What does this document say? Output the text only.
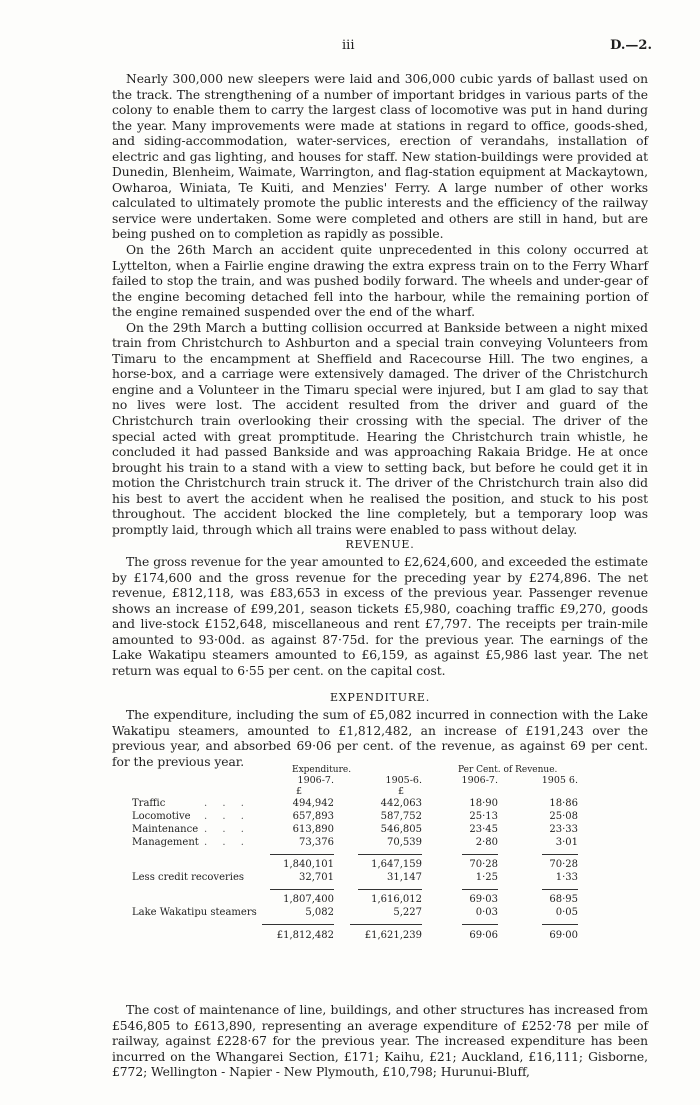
iii	D.—2.

Nearly 300,000 new sleepers were laid and 306,000 cubic yards of ballast used on the track. The strengthening of a number of important bridges in various parts of the colony to enable them to carry the largest class of locomotive was put in hand during the year. Many improvements were made at stations in regard to office, goods-shed, and siding-accommodation, water-services, erection of verandahs, installation of electric and gas lighting, and houses for staff. New station-buildings were provided at Dunedin, Blenheim, Waimate, Warrington, and flag-station equipment at Mackaytown, Owharoa, Winiata, Te Kuiti, and Menzies' Ferry. A large number of other works calculated to ultimately promote the public interests and the efficiency of the railway service were undertaken. Some were completed and others are still in hand, but are being pushed on to completion as rapidly as possible.

On the 26th March an accident quite unprecedented in this colony occurred at Lyttelton, when a Fairlie engine drawing the extra express train on to the Ferry Wharf failed to stop the train, and was pushed bodily forward. The wheels and under-gear of the engine becoming detached fell into the harbour, while the remaining portion of the engine remained suspended over the end of the wharf.

On the 29th March a butting collision occurred at Bankside between a night mixed train from Christchurch to Ashburton and a special train conveying Volunteers from Timaru to the encampment at Sheffield and Racecourse Hill. The two engines, a horse-box, and a carriage were extensively damaged. The driver of the Christchurch engine and a Volunteer in the Timaru special were injured, but I am glad to say that no lives were lost. The accident resulted from the driver and guard of the Christchurch train overlooking their crossing with the special. The driver of the special acted with great promptitude. Hearing the Christchurch train whistle, he concluded it had passed Bankside and was approaching Rakaia Bridge. He at once brought his train to a stand with a view to setting back, but before he could get it in motion the Christchurch train struck it. The driver of the Christchurch train also did his best to avert the accident when he realised the position, and stuck to his post throughout. The accident blocked the line completely, but a temporary loop was promptly laid, through which all trains were enabled to pass without delay.

REVENUE.

The gross revenue for the year amounted to £2,624,600, and exceeded the estimate by £174,600 and the gross revenue for the preceding year by £274,896. The net revenue, £812,118, was £83,653 in excess of the previous year. Passenger revenue shows an increase of £99,201, season tickets £5,980, coaching traffic £9,270, goods and live-stock £152,648, miscellaneous and rent £7,797. The receipts per train-mile amounted to 93·00d. as against 87·75d. for the previous year. The earnings of the Lake Wakatipu steamers amounted to £6,159, as against £5,986 last year. The net return was equal to 6·55 per cent. on the capital cost.

EXPENDITURE.

The expenditure, including the sum of £5,082 incurred in connection with the Lake Wakatipu steamers, amounted to £1,812,482, an increase of £191,243 over the previous year, and absorbed 69·06 per cent. of the revenue, as against 69 per cent. for the previous year.

Expenditure.	Per Cent. of Revenue.
1906-7.	1905-6.	1906-7.	1905 6.
£	£
Traffic	. . .	494,942	442,063	18·90	18·86
Locomotive . . .	657,893	587,752	25·13	25·08
Maintenance . . .	613,890	546,805	23·45	23·33
Management . . .	73,376	70,539	2·80	3·01
1,840,101	1,647,159	70·28	70·28
Less credit recoveries	32,701	31,147	1·25	1·33
1,807,400	1,616,012	69·03	68·95
Lake Wakatipu steamers	5,082	5,227	0·03	0·05
£1,812,482	£1,621,239	69·06	69·00

The cost of maintenance of line, buildings, and other structures has increased from £546,805 to £613,890, representing an average expenditure of £252·78 per mile of railway, against £228·67 for the previous year. The increased expenditure has been incurred on the Whangarei Section, £171; Kaihu, £21; Auckland, £16,111; Gisborne, £772; Wellington - Napier - New Plymouth, £10,798; Hurunui-Bluff,
